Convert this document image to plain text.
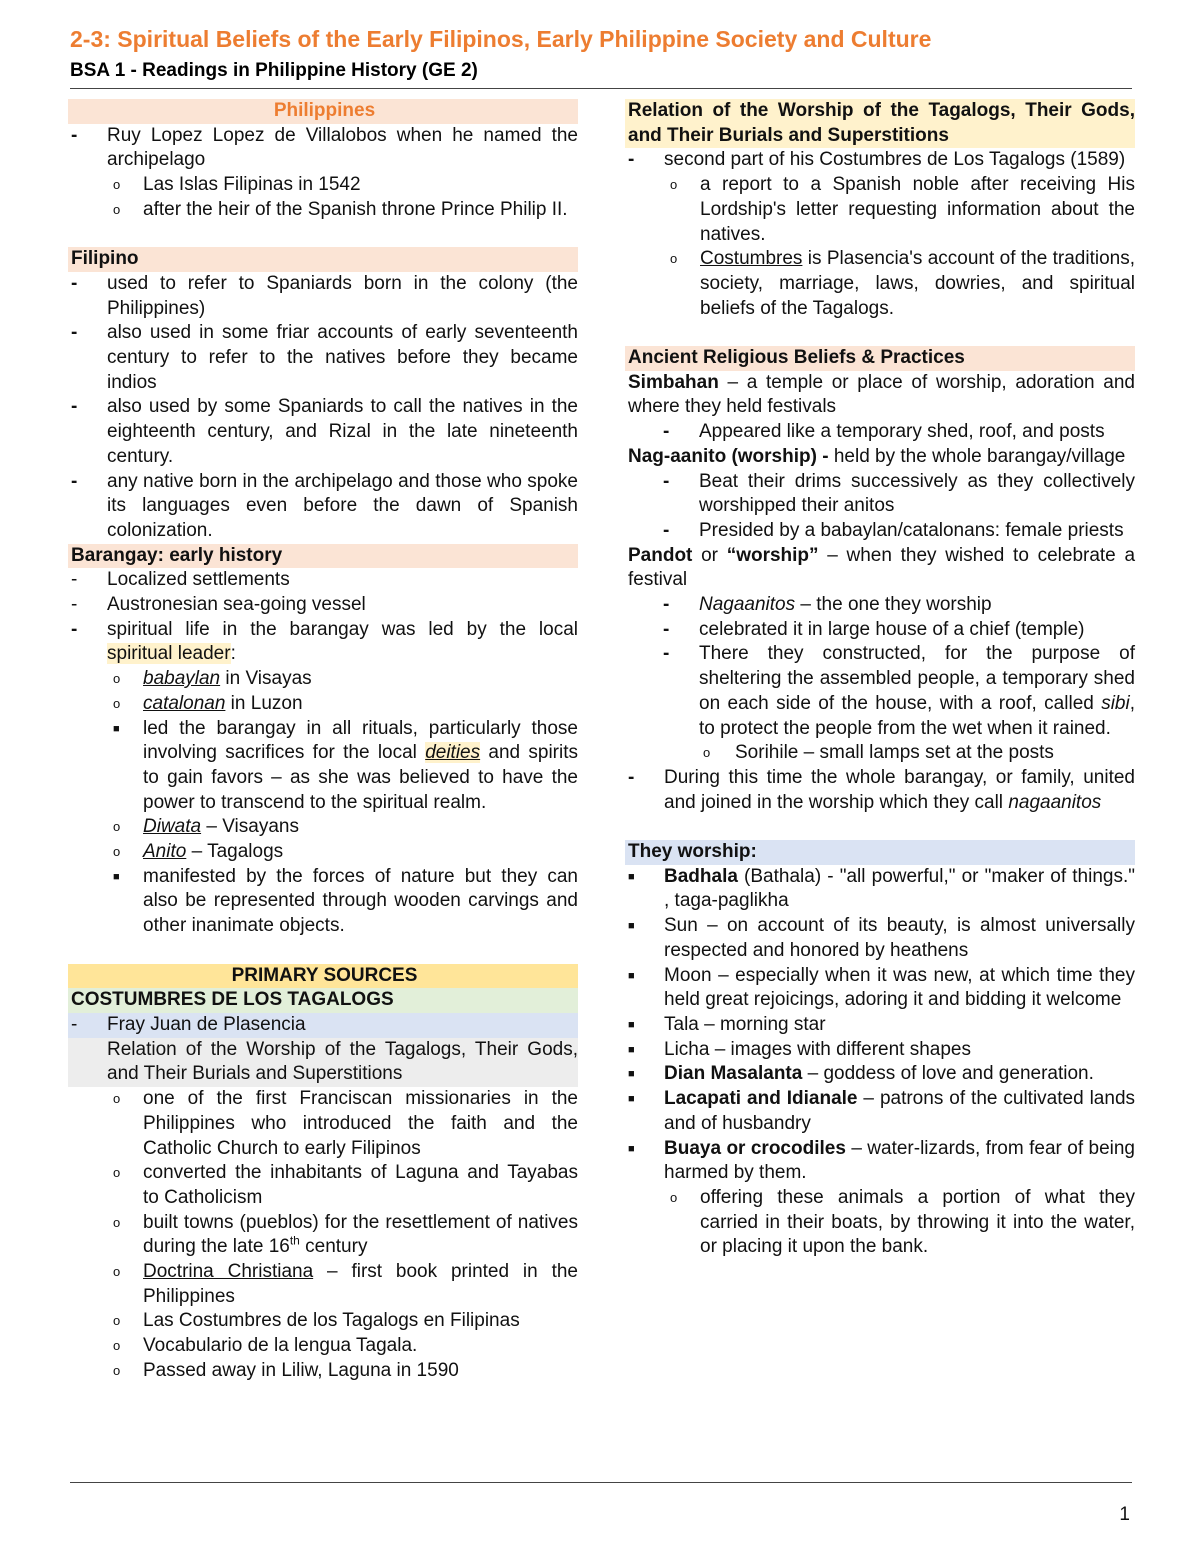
2-3: Spiritual Beliefs of the Early Filipinos, Early Philippine Society and Culture
BSA 1 - Readings in Philippine History (GE 2)
Philippines
- Ruy Lopez Lopez de Villalobos when he named the archipelago
o Las Islas Filipinas in 1542
o after the heir of the Spanish throne Prince Philip II.
Filipino
- used to refer to Spaniards born in the colony (the Philippines)
- also used in some friar accounts of early seventeenth century to refer to the natives before they became indios
- also used by some Spaniards to call the natives in the eighteenth century, and Rizal in the late nineteenth century.
- any native born in the archipelago and those who spoke its languages even before the dawn of Spanish colonization.
Barangay: early history
- Localized settlements
- Austronesian sea-going vessel
- spiritual life in the barangay was led by the local spiritual leader:
o babaylan in Visayas
o catalonan in Luzon
■ led the barangay in all rituals, particularly those involving sacrifices for the local deities and spirits to gain favors – as she was believed to have the power to transcend to the spiritual realm.
o Diwata – Visayans
o Anito – Tagalogs
■ manifested by the forces of nature but they can also be represented through wooden carvings and other inanimate objects.
PRIMARY SOURCES
COSTUMBRES DE LOS TAGALOGS
- Fray Juan de Plasencia
Relation of the Worship of the Tagalogs, Their Gods, and Their Burials and Superstitions
o one of the first Franciscan missionaries in the Philippines who introduced the faith and the Catholic Church to early Filipinos
o converted the inhabitants of Laguna and Tayabas to Catholicism
o built towns (pueblos) for the resettlement of natives during the late 16th century
o Doctrina Christiana – first book printed in the Philippines
o Las Costumbres de los Tagalogs en Filipinas
o Vocabulario de la lengua Tagala.
o Passed away in Liliw, Laguna in 1590
Relation of the Worship of the Tagalogs, Their Gods, and Their Burials and Superstitions
- second part of his Costumbres de Los Tagalogs (1589)
o a report to a Spanish noble after receiving His Lordship's letter requesting information about the natives.
o Costumbres is Plasencia's account of the traditions, society, marriage, laws, dowries, and spiritual beliefs of the Tagalogs.
Ancient Religious Beliefs & Practices
Simbahan – a temple or place of worship, adoration and where they held festivals
- Appeared like a temporary shed, roof, and posts
Nag-aanito (worship) - held by the whole barangay/village
- Beat their drims successively as they collectively worshipped their anitos
- Presided by a babaylan/catalonans: female priests
Pandot or “worship” – when they wished to celebrate a festival
- Nagaanitos – the one they worship
- celebrated it in large house of a chief (temple)
- There they constructed, for the purpose of sheltering the assembled people, a temporary shed on each side of the house, with a roof, called sibi, to protect the people from the wet when it rained.
o Sorihile – small lamps set at the posts
- During this time the whole barangay, or family, united and joined in the worship which they call nagaanitos
They worship:
■ Badhala (Bathala) - "all powerful," or "maker of things." , taga-paglikha
■ Sun – on account of its beauty, is almost universally respected and honored by heathens
■ Moon – especially when it was new, at which time they held great rejoicings, adoring it and bidding it welcome
■ Tala – morning star
■ Licha – images with different shapes
■ Dian Masalanta – goddess of love and generation.
■ Lacapati and Idianale – patrons of the cultivated lands and of husbandry
■ Buaya or crocodiles – water-lizards, from fear of being harmed by them.
o offering these animals a portion of what they carried in their boats, by throwing it into the water, or placing it upon the bank.
1
